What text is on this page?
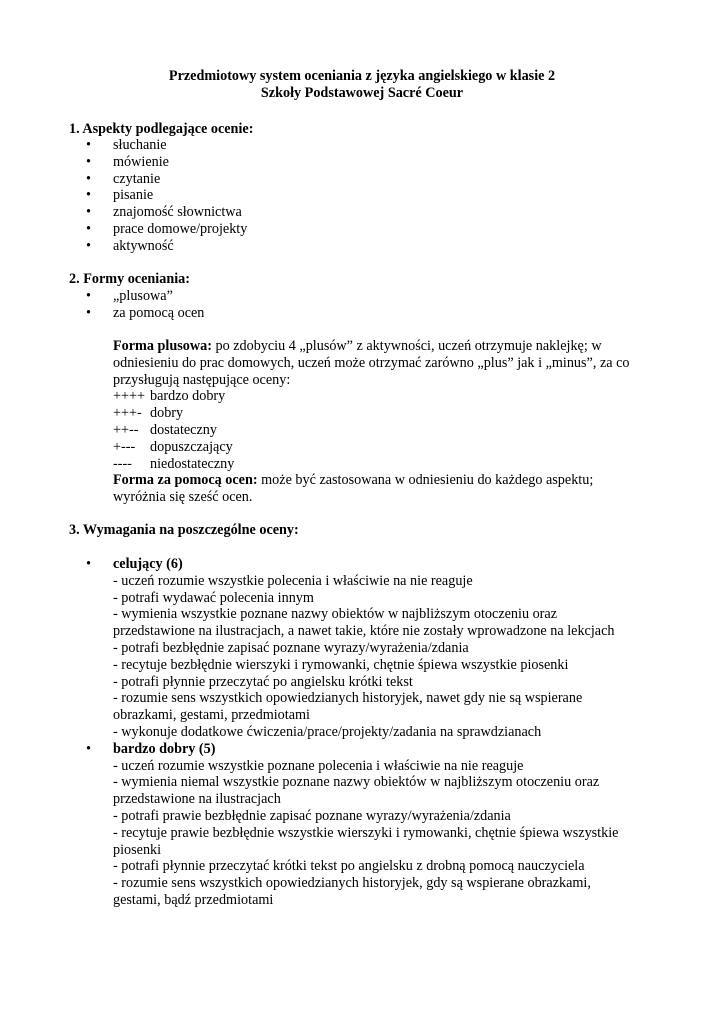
Przedmiotowy system oceniania z języka angielskiego w klasie 2
Szkoły Podstawowej Sacré Coeur
1. Aspekty podlegające ocenie:
• słuchanie
• mówienie
• czytanie
• pisanie
• znajomość słownictwa
• prace domowe/projekty
• aktywność
2. Formy oceniania:
• „plusowa”
• za pomocą ocen
Forma plusowa: po zdobyciu 4 „plusów” z aktywności, uczeń otrzymuje naklejkę; w
odniesieniu do prac domowych, uczeń może otrzymać zarówno „plus” jak i „minus”, za co
przysługują następujące oceny:
++++ bardzo dobry
+++- dobry
++-- dostateczny
+--- dopuszczający
---- niedostateczny
Forma za pomocą ocen: może być zastosowana w odniesieniu do każdego aspektu;
wyróżnia się sześć ocen.
3. Wymagania na poszczególne oceny:
• celujący (6)
- uczeń rozumie wszystkie polecenia i właściwie na nie reaguje
- potrafi wydawać polecenia innym
- wymienia wszystkie poznane nazwy obiektów w najbliższym otoczeniu oraz
przedstawione na ilustracjach, a nawet takie, które nie zostały wprowadzone na lekcjach
- potrafi bezbłędnie zapisać poznane wyrazy/wyrażenia/zdania
- recytuje bezbłędnie wierszyki i rymowanki, chętnie śpiewa wszystkie piosenki
- potrafi płynnie przeczytać po angielsku krótki tekst
- rozumie sens wszystkich opowiedzianych historyjek, nawet gdy nie są wspierane
obrazkami, gestami, przedmiotami
- wykonuje dodatkowe ćwiczenia/prace/projekty/zadania na sprawdzianach
• bardzo dobry (5)
- uczeń rozumie wszystkie poznane polecenia i właściwie na nie reaguje
- wymienia niemal wszystkie poznane nazwy obiektów w najbliższym otoczeniu oraz
przedstawione na ilustracjach
- potrafi prawie bezbłędnie zapisać poznane wyrazy/wyrażenia/zdania
- recytuje prawie bezbłędnie wszystkie wierszyki i rymowanki, chętnie śpiewa wszystkie
piosenki
- potrafi płynnie przeczytać krótki tekst po angielsku z drobną pomocą nauczyciela
- rozumie sens wszystkich opowiedzianych historyjek, gdy są wspierane obrazkami,
gestami, bądź przedmiotami
